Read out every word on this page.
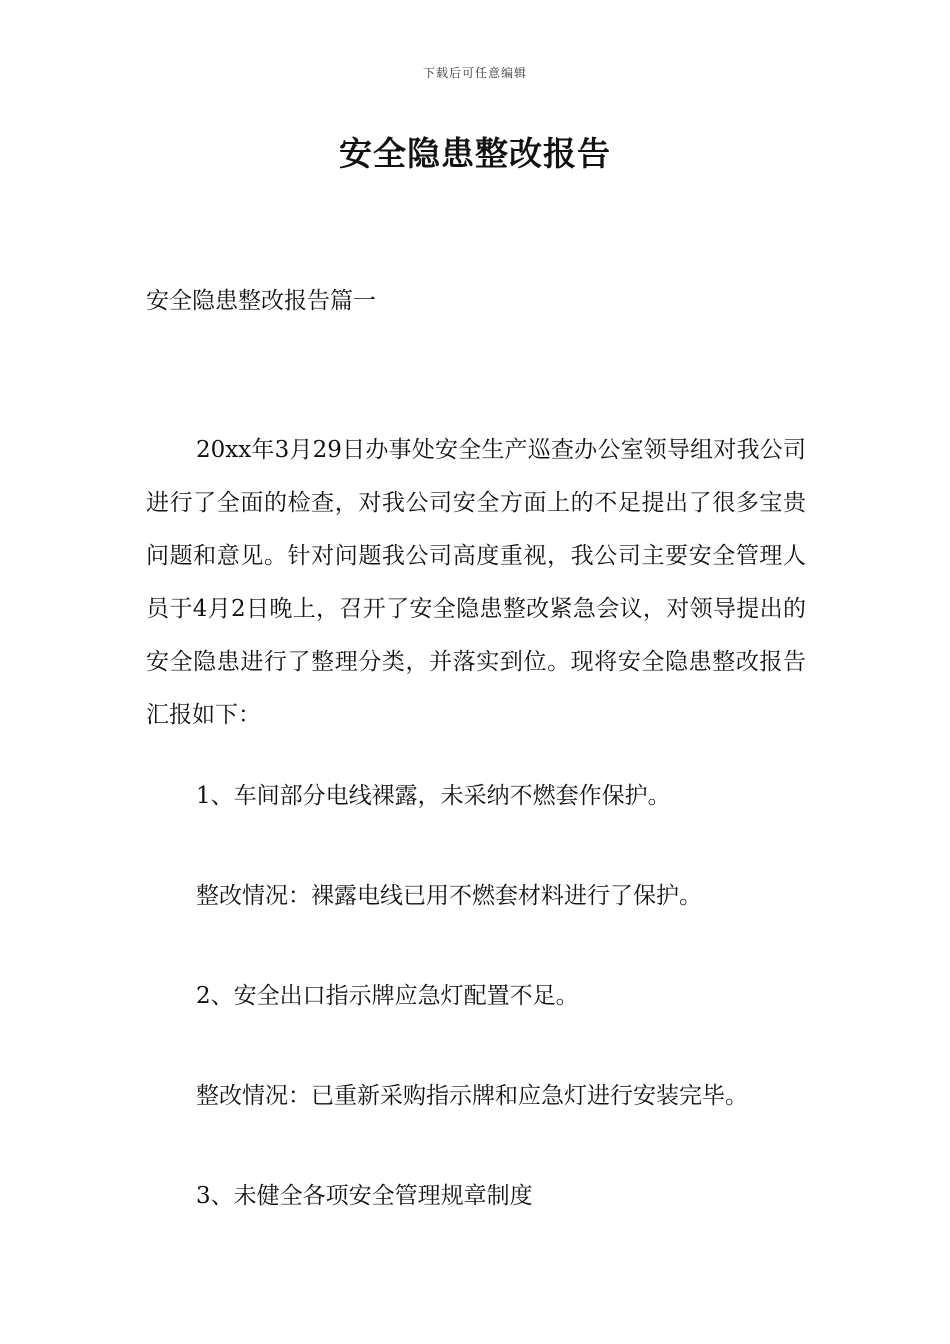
下载后可任意编辑
安全隐患整改报告
安全隐患整改报告篇一

20xx年3月29日办事处安全生产巡查办公室领导组对我公司进行了全面的检查，对我公司安全方面上的不足提出了很多宝贵问题和意见。针对问题我公司高度重视，我公司主要安全管理人员于4月2日晚上，召开了安全隐患整改紧急会议，对领导提出的安全隐患进行了整理分类，并落实到位。现将安全隐患整改报告汇报如下：

1、车间部分电线裸露，未采纳不燃套作保护。

整改情况：裸露电线已用不燃套材料进行了保护。

2、安全出口指示牌应急灯配置不足。

整改情况：已重新采购指示牌和应急灯进行安装完毕。

3、未健全各项安全管理规章制度
